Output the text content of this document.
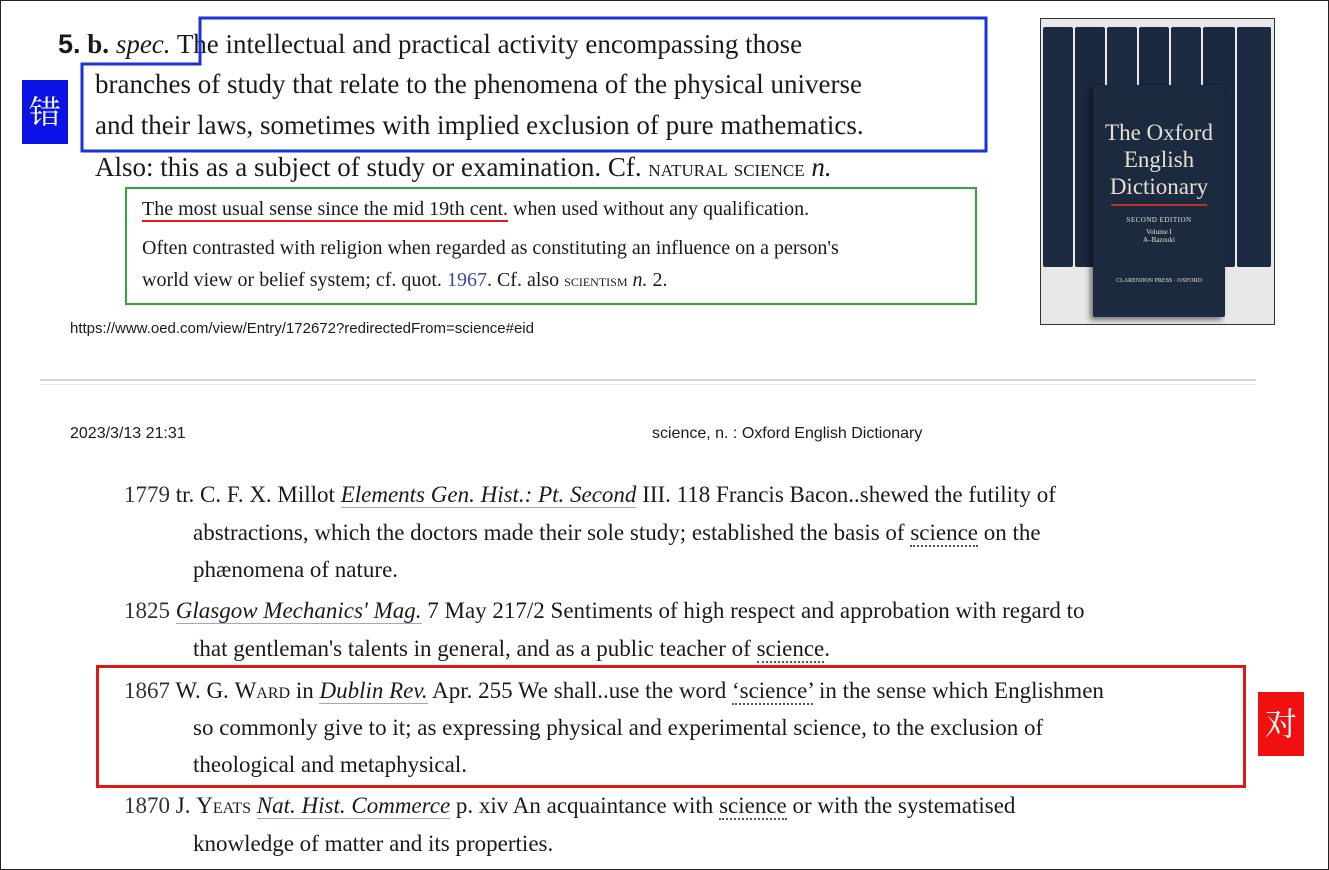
5. b. spec. The intellectual and practical activity encompassing those
branches of study that relate to the phenomena of the physical universe
and their laws, sometimes with implied exclusion of pure mathematics.
Also: this as a subject of study or examination. Cf. natural science n.
错
The most usual sense since the mid 19th cent. when used without any qualification.
Often contrasted with religion when regarded as constituting an influence on a person's
world view or belief system; cf. quot. 1967. Cf. also scientism n. 2.
https://www.oed.com/view/Entry/172672?redirectedFrom=science#eid
The Oxford
English
Dictionary
SECOND EDITION
Volume I
A–Bazouki
CLARENDON PRESS · OXFORD
2023/3/13 21:31	science, n. : Oxford English Dictionary
1779 tr. C. F. X. Millot Elements Gen. Hist.: Pt. Second III. 118 Francis Bacon..shewed the futility of
abstractions, which the doctors made their sole study; established the basis of science on the
phænomena of nature.
1825 Glasgow Mechanics' Mag. 7 May 217/2 Sentiments of high respect and approbation with regard to
that gentleman's talents in general, and as a public teacher of science.
1867 W. G. Ward in Dublin Rev. Apr. 255 We shall..use the word ‘science’ in the sense which Englishmen
so commonly give to it; as expressing physical and experimental science, to the exclusion of
theological and metaphysical.
对
1870 J. Yeats Nat. Hist. Commerce p. xiv An acquaintance with science or with the systematised
knowledge of matter and its properties.
